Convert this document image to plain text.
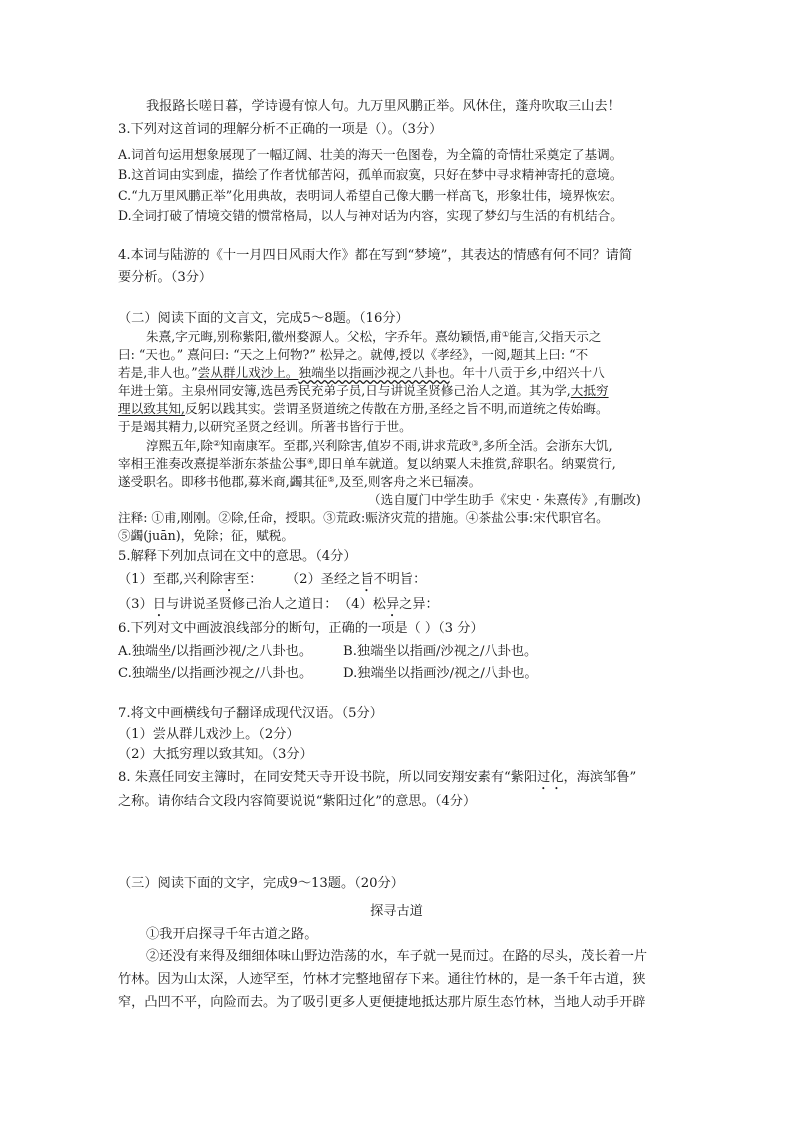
我报路长嗟日暮，学诗谩有惊人句。九万里风鹏正举。风休住，蓬舟吹取三山去！
3.下列对这首词的理解分析不正确的一项是（）。（3分）
A.词首句运用想象展现了一幅辽阔、壮美的海天一色图卷，为全篇的奇情壮采奠定了基调。
B.这首词由实到虚，描绘了作者忧郁苦闷，孤单而寂寞，只好在梦中寻求精神寄托的意境。
C.“九万里风鹏正举”化用典故，表明词人希望自己像大鹏一样高飞，形象壮伟，境界恢宏。
D.全词打破了情境交错的惯常格局，以人与神对话为内容，实现了梦幻与生活的有机结合。
4.本词与陆游的《十一月四日风雨大作》都在写到“梦境”，其表达的情感有何不同？请简
要分析。（3分）
（二）阅读下面的文言文，完成5～8题。（16分）
朱熹,字元晦,别称紫阳,徽州婺源人。父松，字乔年。熹幼颖悟,甫①能言,父指天示之
曰: “天也。” 熹问曰: “天之上何物?” 松异之。就傅,授以《孝经》，一阅,题其上曰: “不
若是,非人也。”尝从群儿戏沙上。独端坐以指画沙视之八卦也。年十八贡于乡,中绍兴十八
年进士第。主泉州同安簿,选邑秀民充弟子员,日与讲说圣贤修己治人之道。其为学,大抵穷
理以致其知,反躬以践其实。尝谓圣贤道统之传散在方册,圣经之旨不明,而道统之传始晦。
于是竭其精力,以研究圣贤之经训。所著书皆行于世。
淳熙五年,除②知南康军。至郡,兴利除害,值岁不雨,讲求荒政③,多所全活。会浙东大饥,
宰相王淮奏改熹提举浙东茶盐公事④,即日单车就道。复以纳粟人未推赏,辞职名。纳粟赏行,
遂受职名。即移书他郡,募米商,蠲其征⑤,及至,则客舟之米已辐凑。
（选自厦门中学生助手《宋史 · 朱熹传》,有删改)
注释: ①甫,刚刚。②除,任命，授职。③荒政:赈济灾荒的措施。④茶盐公事:宋代职官名。
⑤蠲(juān)，免除；征，赋税。
5.解释下列加点词在文中的意思。（4分）
（1）至郡,兴利除害至： （2）圣经之旨不明旨：
（3）日与讲说圣贤修己治人之道日： （4）松异之异：
6.下列对文中画波浪线部分的断句，正确的一项是（ ）（3 分）
A.独端坐/以指画沙视/之八卦也。 B.独端坐以指画/沙视之/八卦也。
C.独端坐/以指画沙视之/八卦也。 D.独端坐以指画沙/视之/八卦也。
7.将文中画横线句子翻译成现代汉语。（5分）
（1）尝从群儿戏沙上。（2分）
（2）大抵穷理以致其知。（3分）
8. 朱熹任同安主簿时，在同安梵天寺开设书院，所以同安翔安素有“紫阳过化，海滨邹鲁”
之称。请你结合文段内容简要说说“紫阳过化”的意思。（4分）
（三）阅读下面的文字，完成9～13题。（20分）
探寻古道
①我开启探寻千年古道之路。
②还没有来得及细细体味山野边浩荡的水，车子就一晃而过。在路的尽头，茂长着一片
竹林。因为山太深，人迹罕至，竹林才完整地留存下来。通往竹林的，是一条千年古道，狭
窄，凸凹不平，向险而去。为了吸引更多人更便捷地抵达那片原生态竹林，当地人动手开辟
